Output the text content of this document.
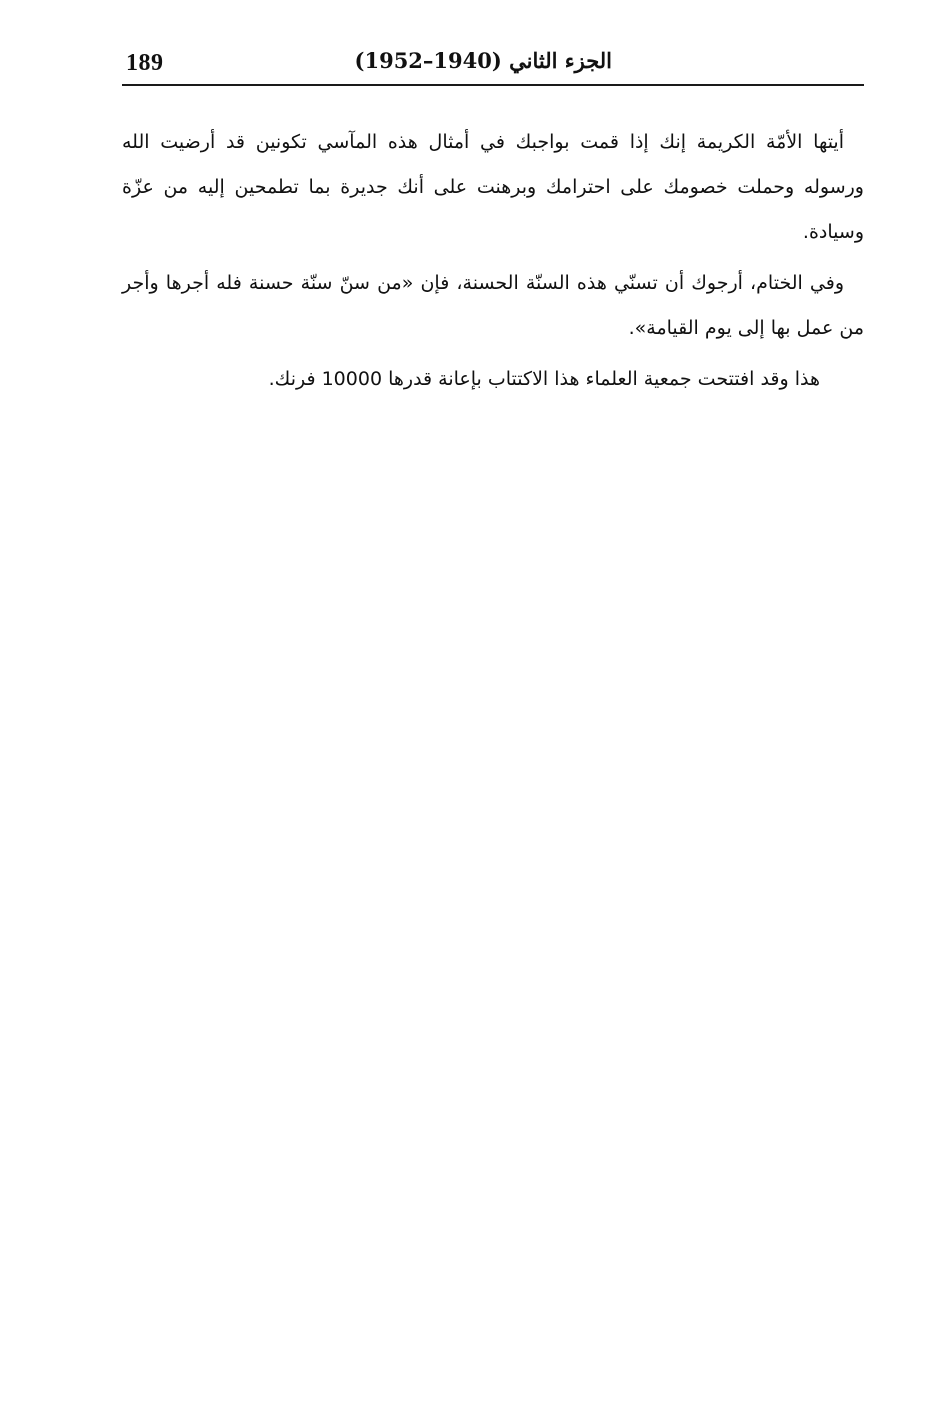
189	الجزء الثاني (1940–1952)

أيتها الأمّة الكريمة إنك إذا قمت بواجبك في أمثال هذه المآسي تكونين قد أرضيت الله ورسوله وحملت خصومك على احترامك وبرهنت على أنك جديرة بما تطمحين إليه من عزّة وسيادة.

وفي الختام، أرجوك أن تسنّي هذه السنّة الحسنة، فإن «من سنّ سنّة حسنة فله أجرها وأجر من عمل بها إلى يوم القيامة».

هذا وقد افتتحت جمعية العلماء هذا الاكتتاب بإعانة قدرها 10000 فرنك.
